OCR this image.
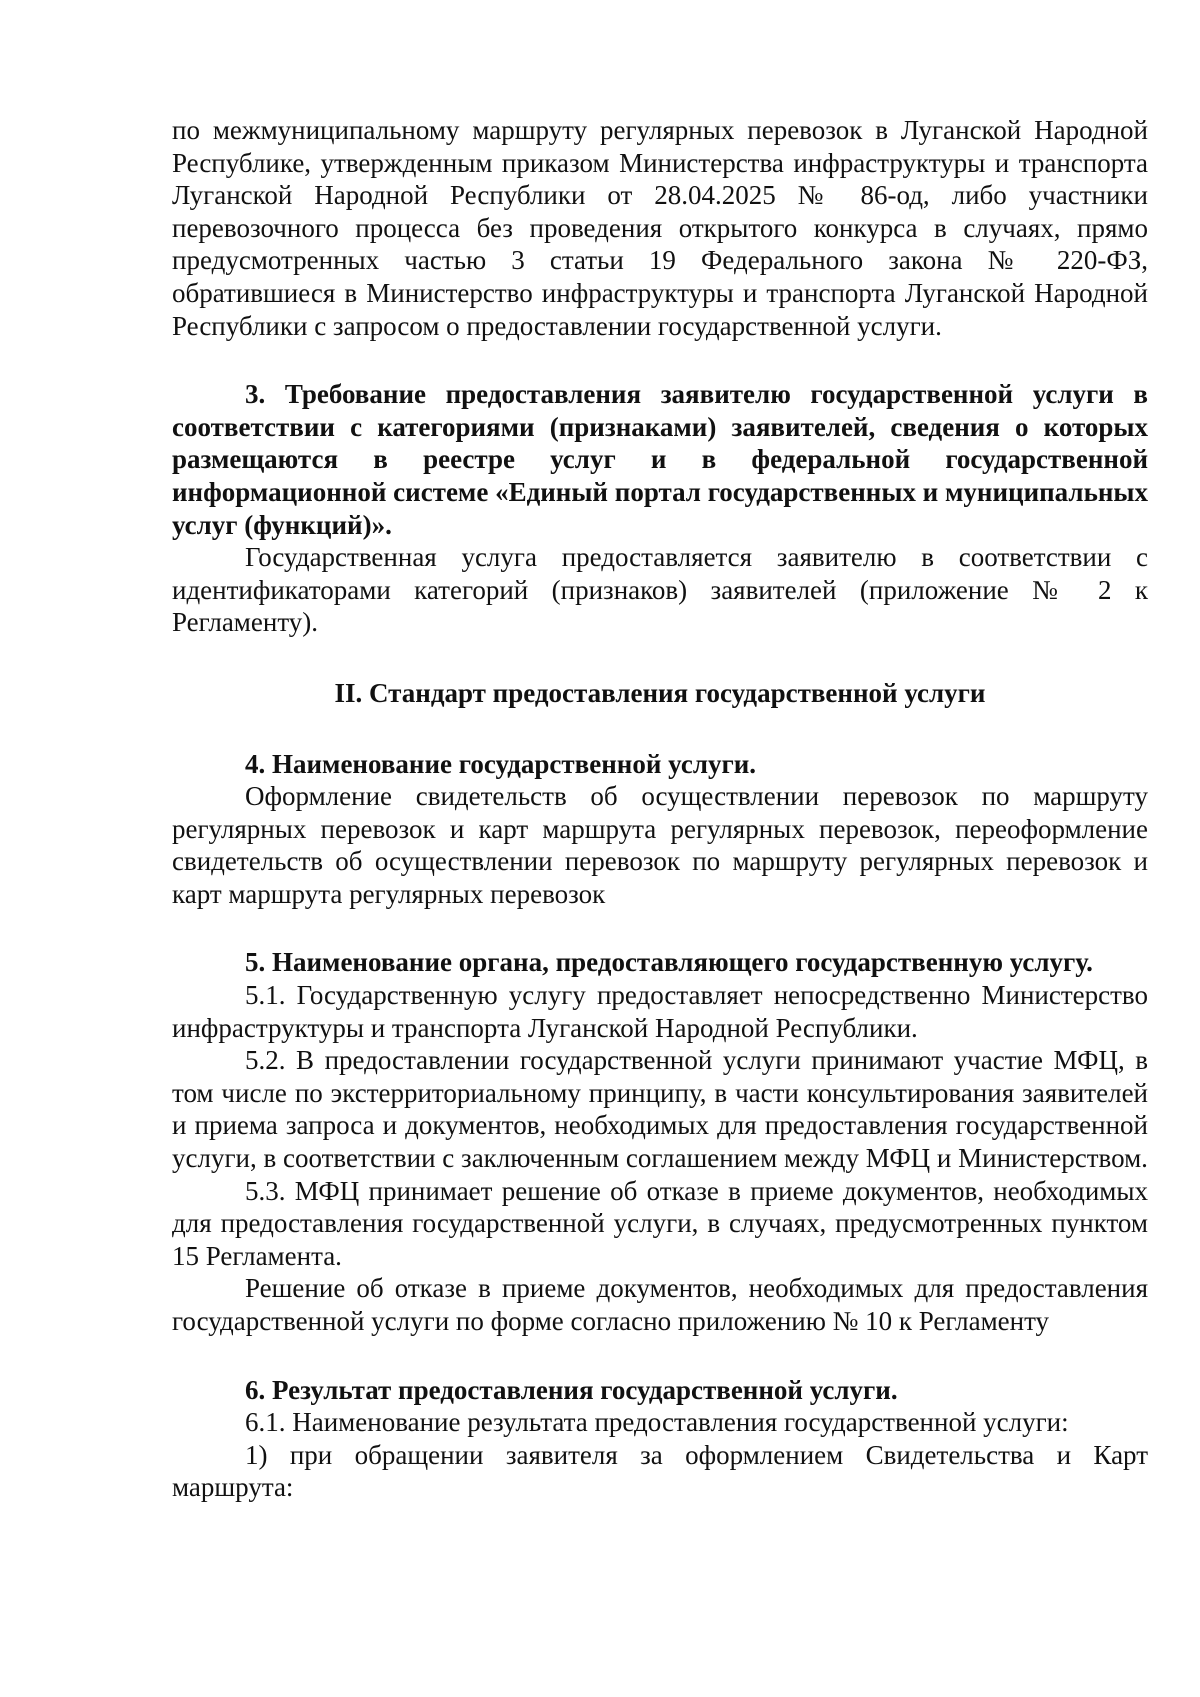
по межмуниципальному маршруту регулярных перевозок в Луганской Народной Республике, утвержденным приказом Министерства инфраструктуры и транспорта Луганской Народной Республики от 28.04.2025 № 86-од, либо участники перевозочного процесса без проведения открытого конкурса в случаях, прямо предусмотренных частью 3 статьи 19 Федерального закона № 220-ФЗ, обратившиеся в Министерство инфраструктуры и транспорта Луганской Народной Республики с запросом о предоставлении государственной услуги.

3. Требование предоставления заявителю государственной услуги в соответствии с категориями (признаками) заявителей, сведения о которых размещаются в реестре услуг и в федеральной государственной информационной системе «Единый портал государственных и муниципальных услуг (функций)».

Государственная услуга предоставляется заявителю в соответствии с идентификаторами категорий (признаков) заявителей (приложение № 2 к Регламенту).

II. Стандарт предоставления государственной услуги

4. Наименование государственной услуги.

Оформление свидетельств об осуществлении перевозок по маршруту регулярных перевозок и карт маршрута регулярных перевозок, переоформление свидетельств об осуществлении перевозок по маршруту регулярных перевозок и карт маршрута регулярных перевозок

5. Наименование органа, предоставляющего государственную услугу.

5.1. Государственную услугу предоставляет непосредственно Министерство инфраструктуры и транспорта Луганской Народной Республики.

5.2. В предоставлении государственной услуги принимают участие МФЦ, в том числе по экстерриториальному принципу, в части консультирования заявителей и приема запроса и документов, необходимых для предоставления государственной услуги, в соответствии с заключенным соглашением между МФЦ и Министерством.

5.3. МФЦ принимает решение об отказе в приеме документов, необходимых для предоставления государственной услуги, в случаях, предусмотренных пунктом 15 Регламента.

Решение об отказе в приеме документов, необходимых для предоставления государственной услуги по форме согласно приложению № 10 к Регламенту

6. Результат предоставления государственной услуги.

6.1. Наименование результата предоставления государственной услуги:

1) при обращении заявителя за оформлением Свидетельства и Карт маршрута:
